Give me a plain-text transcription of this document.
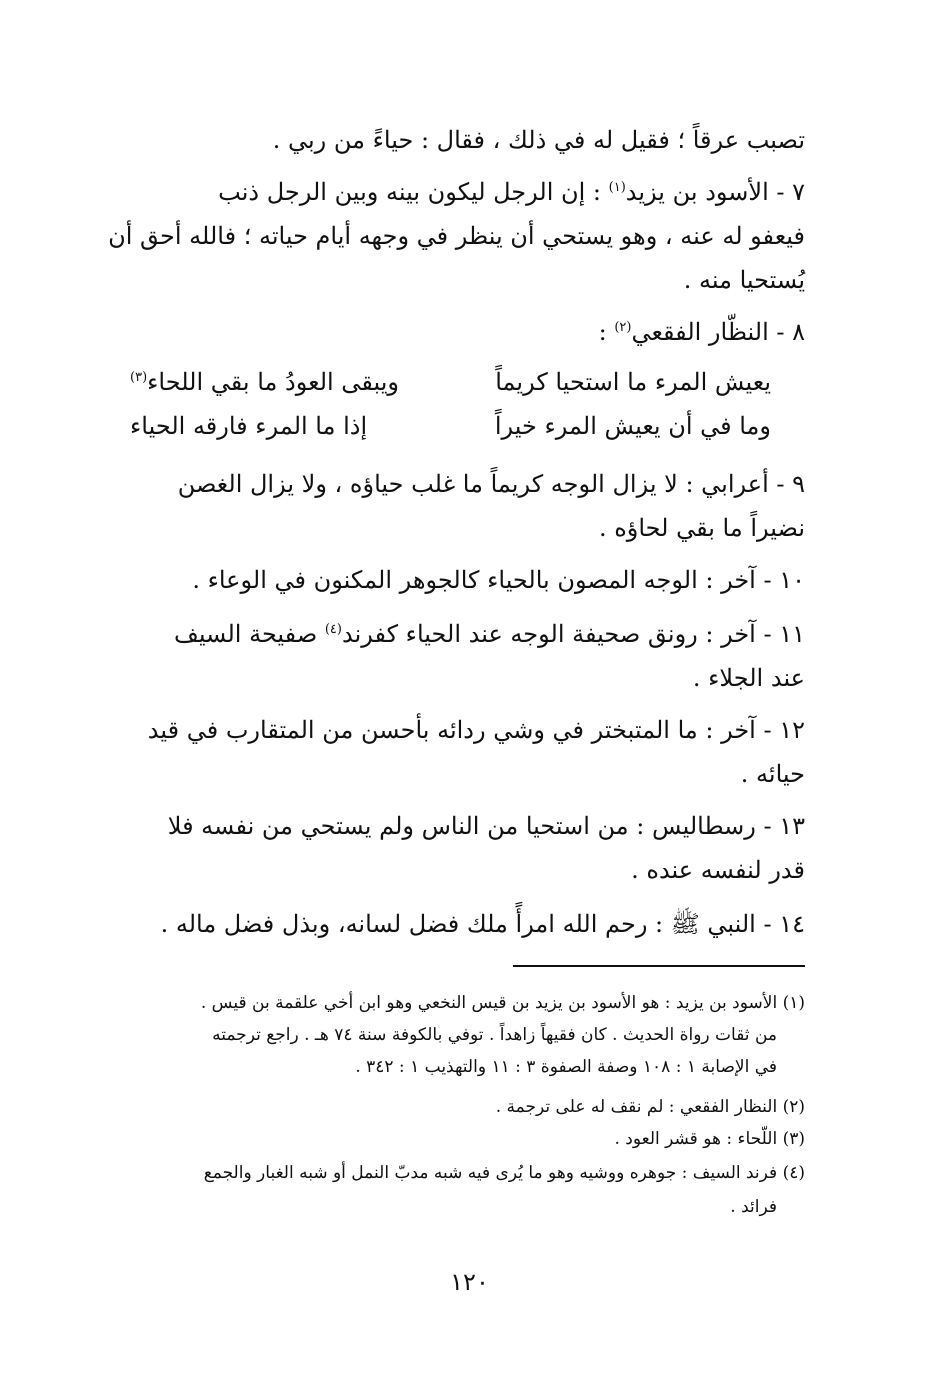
تصبب عرقاً ؛ فقيل له في ذلك ، فقال : حياءً من ربي .
٧ - الأسود بن يزيد$^{(١)}$ : إن الرجل ليكون بينه وبين الرجل ذنب
فيعفو له عنه ، وهو يستحي أن ينظر في وجهه أيام حياته ؛ فالله أحق أن
يُستحيا منه .
٨ - النظّار الفقعي$^{(٢)}$ :
يعيش المرء ما استحيا كريماً
ويبقى العودُ ما بقي اللحاء$^{(٣)}$
وما في أن يعيش المرء خيراً
إذا ما المرء فارقه الحياء
٩ - أعرابي : لا يزال الوجه كريماً ما غلب حياؤه ، ولا يزال الغصن
نضيراً ما بقي لحاؤه .
١٠ - آخر : الوجه المصون بالحياء كالجوهر المكنون في الوعاء .
١١ - آخر : رونق صحيفة الوجه عند الحياء كفرند$^{(٤)}$ صفيحة السيف
عند الجلاء .
١٢ - آخر : ما المتبختر في وشي ردائه بأحسن من المتقارب في قيد
حيائه .
١٣ - رسطاليس : من استحيا من الناس ولم يستحي من نفسه فلا
قدر لنفسه عنده .
١٤ - النبي ﷺ : رحم الله امرأً ملك فضل لسانه، وبذل فضل ماله .
(١) الأسود بن يزيد : هو الأسود بن يزيد بن قيس النخعي وهو ابن أخي علقمة بن قيس .
من ثقات رواة الحديث . كان فقيهاً زاهداً . توفي بالكوفة سنة ٧٤ هـ . راجع ترجمته
في الإصابة ١ : ١٠٨ وصفة الصفوة ٣ : ١١ والتهذيب ١ : ٣٤٢ .
(٢) النظار الفقعي : لم نقف له على ترجمة .
(٣) اللّحاء : هو قشر العود .
(٤) فرند السيف : جوهره ووشيه وهو ما يُرى فيه شبه مدبّ النمل أو شبه الغبار والجمع
فرائد .
١٢٠
